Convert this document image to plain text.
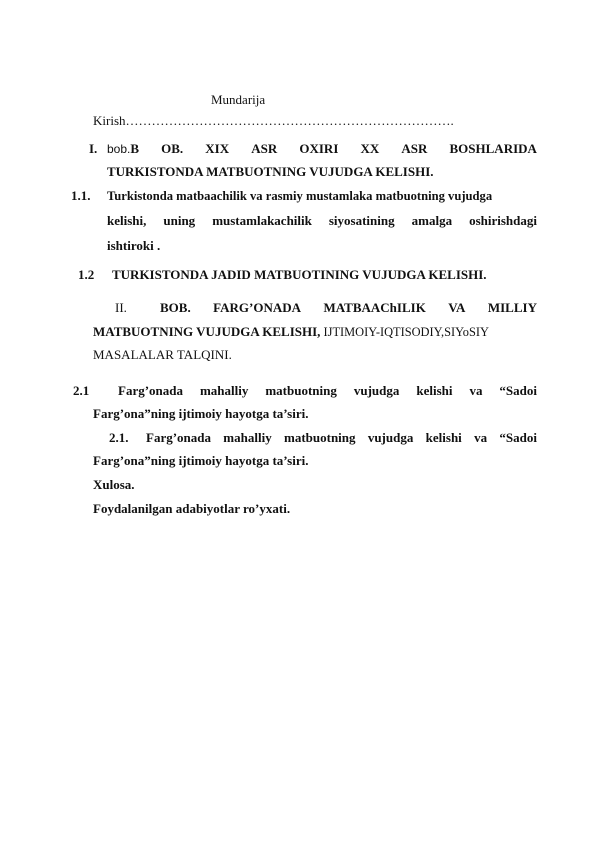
Mundarija
Kirish………………………………………………………………….
I. bob.B OB. XIX ASR OXIRI XX ASR BOSHLARIDA
TURKISTONDA MATBUOTNING VUJUDGA KELISHI.
1.1. Turkistonda matbaachilik va rasmiy mustamlaka matbuotning vujudga
kelishi, uning mustamlakachilik siyosatining amalga oshirishdagi
ishtiroki .
1.2 TURKISTONDA JADID MATBUOTINING VUJUDGA KELISHI.
II.	BOB. FARG’ONADA MATBAAChILIK VA MILLIY
MATBUOTNING VUJUDGA KELISHI, IJTIMOIY-IQTISODIY,SIYoSIY
MASALALAR TALQINI.
2.1 Farg’onada mahalliy matbuotning vujudga kelishi va “Sadoi
Farg’ona”ning ijtimoiy hayotga ta’siri.
2.1. Farg’onada mahalliy matbuotning vujudga kelishi va “Sadoi
Farg’ona”ning ijtimoiy hayotga ta’siri.
Xulosa.
Foydalanilgan adabiyotlar ro’yxati.
